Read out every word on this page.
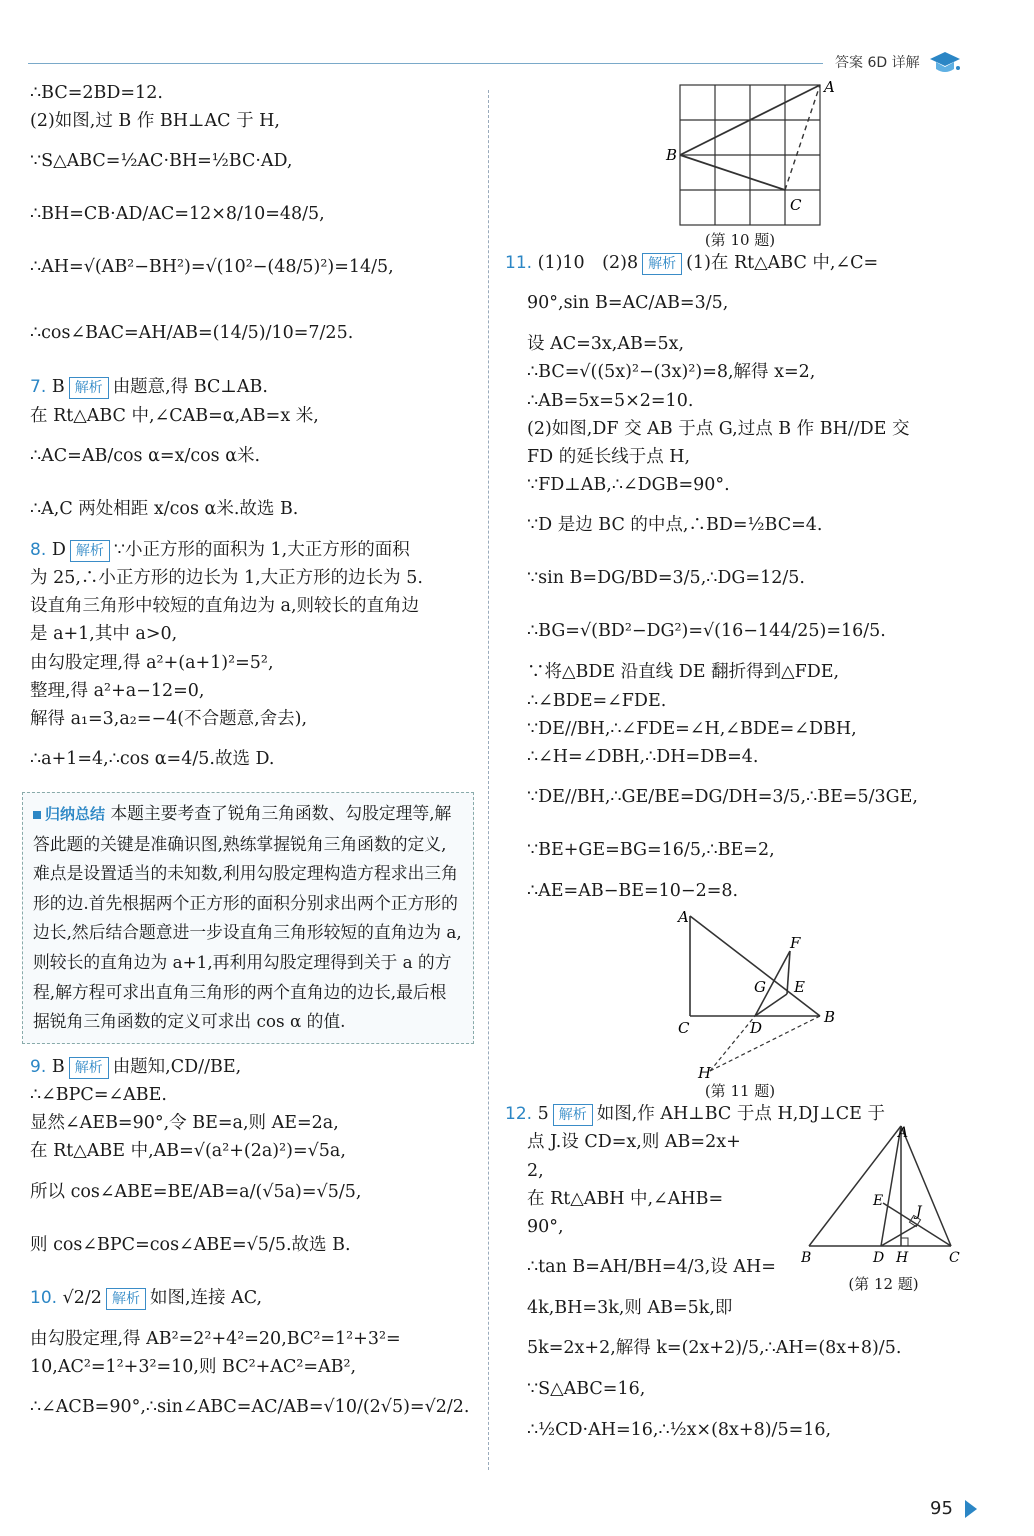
答案 6D 详解
∴BC=2BD=12.
(2)如图,过 B 作 BH⊥AC 于 H,
∵S△ABC=½AC·BH=½BC·AD,
∴BH=CB·AD/AC=12×8/10=48/5,
∴AH=√(AB²−BH²)=√(10²−(48/5)²)=14/5,
∴cos∠BAC=AH/AB=(14/5)/10=7/25.
7. B 解析 由题意,得 BC⊥AB.
在 Rt△ABC 中,∠CAB=α,AB=x 米,
∴AC=AB/cos α=x/cos α米.
∴A,C 两处相距 x/cos α米.故选 B.
8. D 解析 ∵小正方形的面积为 1,大正方形的面积
为 25,∴小正方形的边长为 1,大正方形的边长为 5.
设直角三角形中较短的直角边为 a,则较长的直角边
是 a+1,其中 a>0,
由勾股定理,得 a²+(a+1)²=5²,
整理,得 a²+a−12=0,
解得 a₁=3,a₂=−4(不合题意,舍去),
∴a+1=4,∴cos α=4/5.故选 D.
归纳总结 本题主要考查了锐角三角函数、勾股定理等,解答此题的关键是准确识图,熟练掌握锐角三角函数的定义,难点是设置适当的未知数,利用勾股定理构造方程求出三角形的边.首先根据两个正方形的面积分别求出两个正方形的边长,然后结合题意进一步设直角三角形较短的直角边为 a,则较长的直角边为 a+1,再利用勾股定理得到关于 a 的方程,解方程可求出直角三角形的两个直角边的边长,最后根据锐角三角函数的定义可求出 cos α 的值.
9. B 解析 由题知,CD//BE,
∴∠BPC=∠ABE.
显然∠AEB=90°,令 BE=a,则 AE=2a,
在 Rt△ABE 中,AB=√(a²+(2a)²)=√5a,
所以 cos∠ABE=BE/AB=a/(√5a)=√5/5,
则 cos∠BPC=cos∠ABE=√5/5.故选 B.
10. √2/2 解析 如图,连接 AC,
由勾股定理,得 AB²=2²+4²=20,BC²=1²+3²=
10,AC²=1²+3²=10,则 BC²+AC²=AB²,
∴∠ACB=90°,∴sin∠ABC=AC/AB=√10/(2√5)=√2/2.
A
B
C
(第 10 题)
11. (1)10　(2)8 解析 (1)在 Rt△ABC 中,∠C=
90°,sin B=AC/AB=3/5,
设 AC=3x,AB=5x,
∴BC=√((5x)²−(3x)²)=8,解得 x=2,
∴AB=5x=5×2=10.
(2)如图,DF 交 AB 于点 G,过点 B 作 BH//DE 交
FD 的延长线于点 H,
∵FD⊥AB,∴∠DGB=90°.
∵D 是边 BC 的中点,∴BD=½BC=4.
∵sin B=DG/BD=3/5,∴DG=12/5.
∴BG=√(BD²−DG²)=√(16−144/25)=16/5.
∵将△BDE 沿直线 DE 翻折得到△FDE,
∴∠BDE=∠FDE.
∵DE//BH,∴∠FDE=∠H,∠BDE=∠DBH,
∴∠H=∠DBH,∴DH=DB=4.
∵DE//BH,∴GE/BE=DG/DH=3/5,∴BE=5/3GE,
∵BE+GE=BG=16/5,∴BE=2,
∴AE=AB−BE=10−2=8.
A
F
G E
C	D
B
H
(第 11 题)
12. 5 解析 如图,作 AH⊥BC 于点 H,DJ⊥CE 于
点 J.设 CD=x,则 AB=2x+
2,
在 Rt△ABH 中,∠AHB=
90°,
∴tan B=AH/BH=4/3,设 AH=
4k,BH=3k,则 AB=5k,即
5k=2x+2,解得 k=(2x+2)/5,∴AH=(8x+8)/5.
∵S△ABC=16,
∴½CD·AH=16,∴½x×(8x+8)/5=16,
A
E
J
B	D H	C
(第 12 题)
95
